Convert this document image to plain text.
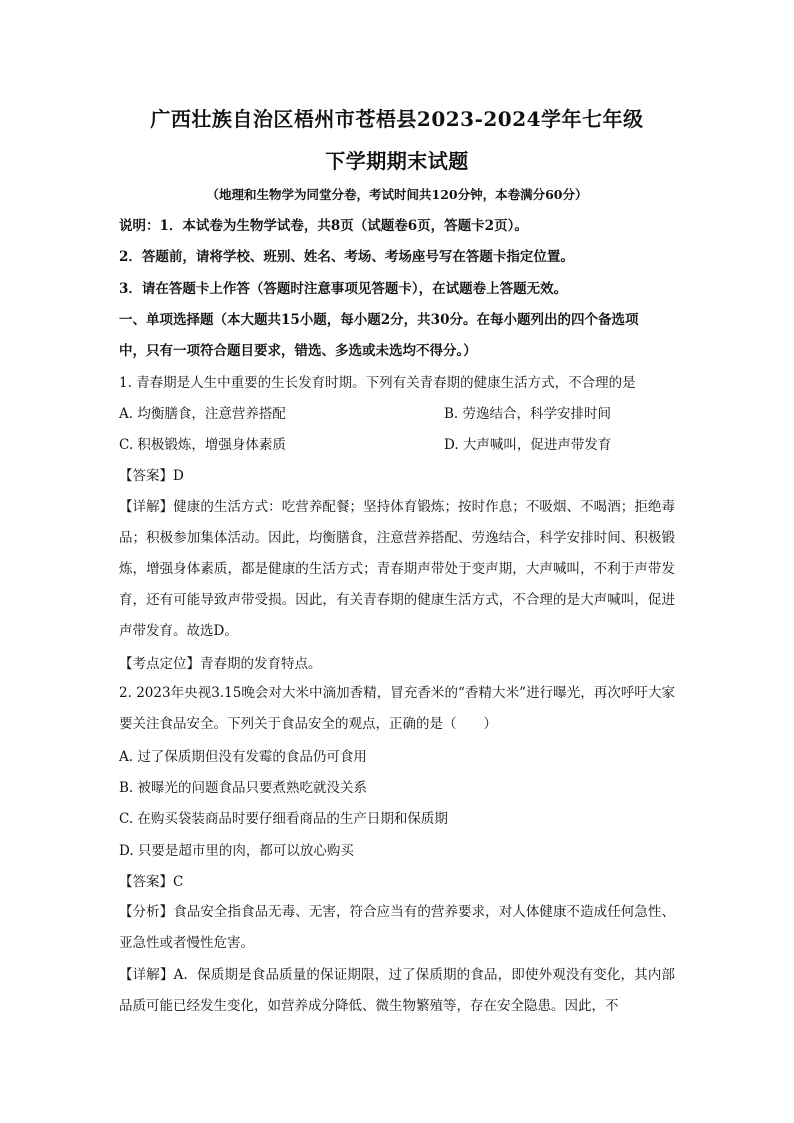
广西壮族自治区梧州市苍梧县2023-2024学年七年级
下学期期末试题
（地理和生物学为同堂分卷，考试时间共120分钟，本卷满分60分）
说明：1．本试卷为生物学试卷，共8页（试题卷6页，答题卡2页）。
2．答题前，请将学校、班别、姓名、考场、考场座号写在答题卡指定位置。
3．请在答题卡上作答（答题时注意事项见答题卡），在试题卷上答题无效。
一、单项选择题（本大题共15小题，每小题2分，共30分。在每小题列出的四个备选项
中，只有一项符合题目要求，错选、多选或未选均不得分。）
1. 青春期是人生中重要的生长发育时期。下列有关青春期的健康生活方式，不合理的是
A. 均衡膳食，注意营养搭配	B. 劳逸结合，科学安排时间
C. 积极锻炼，增强身体素质	D. 大声喊叫，促进声带发育
【答案】D
【详解】健康的生活方式：吃营养配餐；坚持体育锻炼；按时作息；不吸烟、不喝酒；拒绝毒品；积极参加集体活动。因此，均衡膳食，注意营养搭配、劳逸结合，科学安排时间、积极锻炼，增强身体素质，都是健康的生活方式；青春期声带处于变声期，大声喊叫，不利于声带发育，还有可能导致声带受损。因此，有关青春期的健康生活方式，不合理的是大声喊叫，促进声带发育。故选D。
【考点定位】青春期的发育特点。
2. 2023年央视3.15晚会对大米中滴加香精，冒充香米的“香精大米”进行曝光，再次呼吁大家要关注食品安全。下列关于食品安全的观点，正确的是（　　）
A. 过了保质期但没有发霉的食品仍可食用
B. 被曝光的问题食品只要煮熟吃就没关系
C. 在购买袋装商品时要仔细看商品的生产日期和保质期
D. 只要是超市里的肉，都可以放心购买
【答案】C
【分析】食品安全指食品无毒、无害，符合应当有的营养要求，对人体健康不造成任何急性、亚急性或者慢性危害。
【详解】A．保质期是食品质量的保证期限，过了保质期的食品，即使外观没有变化，其内部品质可能已经发生变化，如营养成分降低、微生物繁殖等，存在安全隐患。因此，不
